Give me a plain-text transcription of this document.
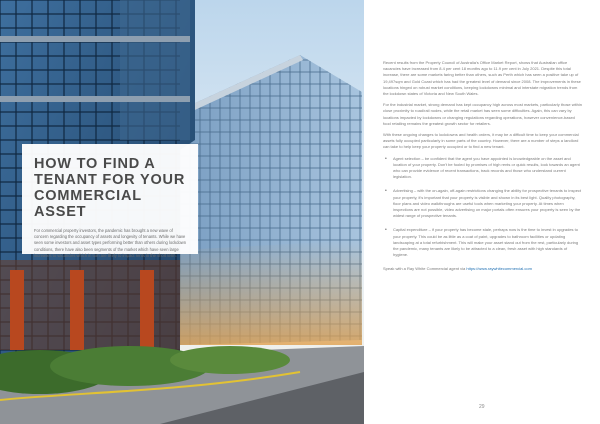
HOW TO FIND A TENANT FOR YOUR COMMERCIAL ASSET

For commercial property investors, the pandemic has brought a new wave of concern regarding the occupancy of assets and longevity of tenants. While we have seen some investors and asset types performing better than others during lockdown conditions, there have also been segments of the market which have seen large increases to vacancies which in turn are likely to impact rents in the short term.

Recent results from the Property Council of Australia's Office Market Report, shows that Australian office vacancies have increased from 8.4 per cent 18 months ago to 11.9 per cent in July 2021. Despite this total increase, there are some markets faring better than others, such as Perth which has seen a positive take up of 19,497sqm and Gold Coast which has had the greatest level of demand since 2008. The improvements in these locations hinged on robust market conditions, keeping lockdowns minimal and interstate migration trends from the lockdown states of Victoria and New South Wales.

For the industrial market, strong demand has kept occupancy high across most markets, particularly those within close proximity to road/rail nodes, while the retail market has seen some difficulties. Again, this can vary by locations impacted by lockdowns or changing regulations regarding operations, however convenience-based food retailing remains the greatest growth sector for retailers.

With these ongoing changes to lockdowns and health orders, it may be a difficult time to keep your commercial assets fully occupied particularly in some parts of the country. However, there are a number of steps a landlord can take to help keep your property occupied or to find a new tenant.

• Agent selection – be confident that the agent you have appointed is knowledgeable on the asset and location of your property. Don't be fooled by promises of high rents or quick results, look towards an agent who can provide evidence of recent transactions, track records and those who understand current legislation.
• Advertising – with the on-again, off-again restrictions changing the ability for prospective tenants to inspect your property, it's important that your property is visible and shown in its best light. Quality photography, floor plans and video walkthroughs are useful tools when marketing your property. At times when inspections are not possible, video advertising on major portals often ensures your property is seen by the widest range of prospective tenants.
• Capital expenditure – if your property has become stale, perhaps now is the time to invest in upgrades to your property. This could be as little as a coat of paint, upgrades to bathroom facilities or updating landscaping at a total refurbishment. This will make your asset stand out from the rest, particularly during the pandemic, many tenants are likely to be attracted to a clean, fresh asset with high standards of hygiene.

Speak with a Ray White Commercial agent via https://www.raywhitecommercial.com

29
